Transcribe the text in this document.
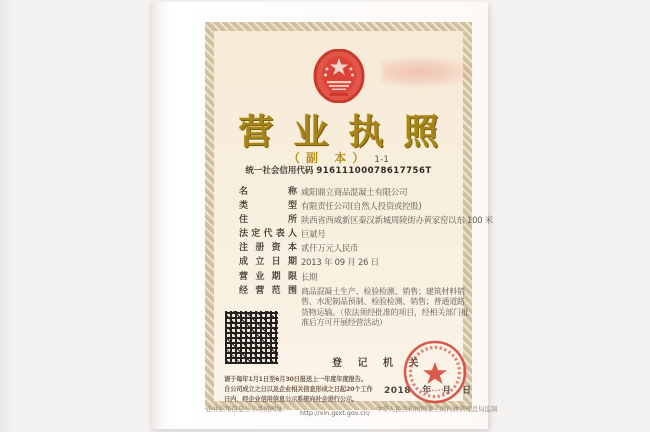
营业执照
（副 本） 1-1
统一社会信用代码 91611100078617756T
名称 咸阳鼎立商品混凝土有限公司
类型 有限责任公司(自然人投资或控股)
住所 陕西省西咸新区秦汉新城周陵街办黄家窑以东 100 米
法定代表人 巨斌号
注册资本 贰仟万元人民币
成立日期 2013 年 09 月 26 日
营业期限 长期
经营范围 商品混凝土生产、检验检测、销售；建筑材料销售、水泥制品预制、检验检测、销售；普通道路货物运输。（依法须经批准的项目，经相关部门批准后方可开展经营活动）
登 记 机 关
2018 年 月 日
请于每年1月1日至6月30日报送上一年度年度报告。
自公司成立之日以及企业相关信息形成之日起20个工作
日内，经企业信用信息公示系统向社会进行公示。
企业信用信息公示系统网址： http://xin.gsxt.gov.cn/ 中华人民共和国国家工商行政管理总局监制
